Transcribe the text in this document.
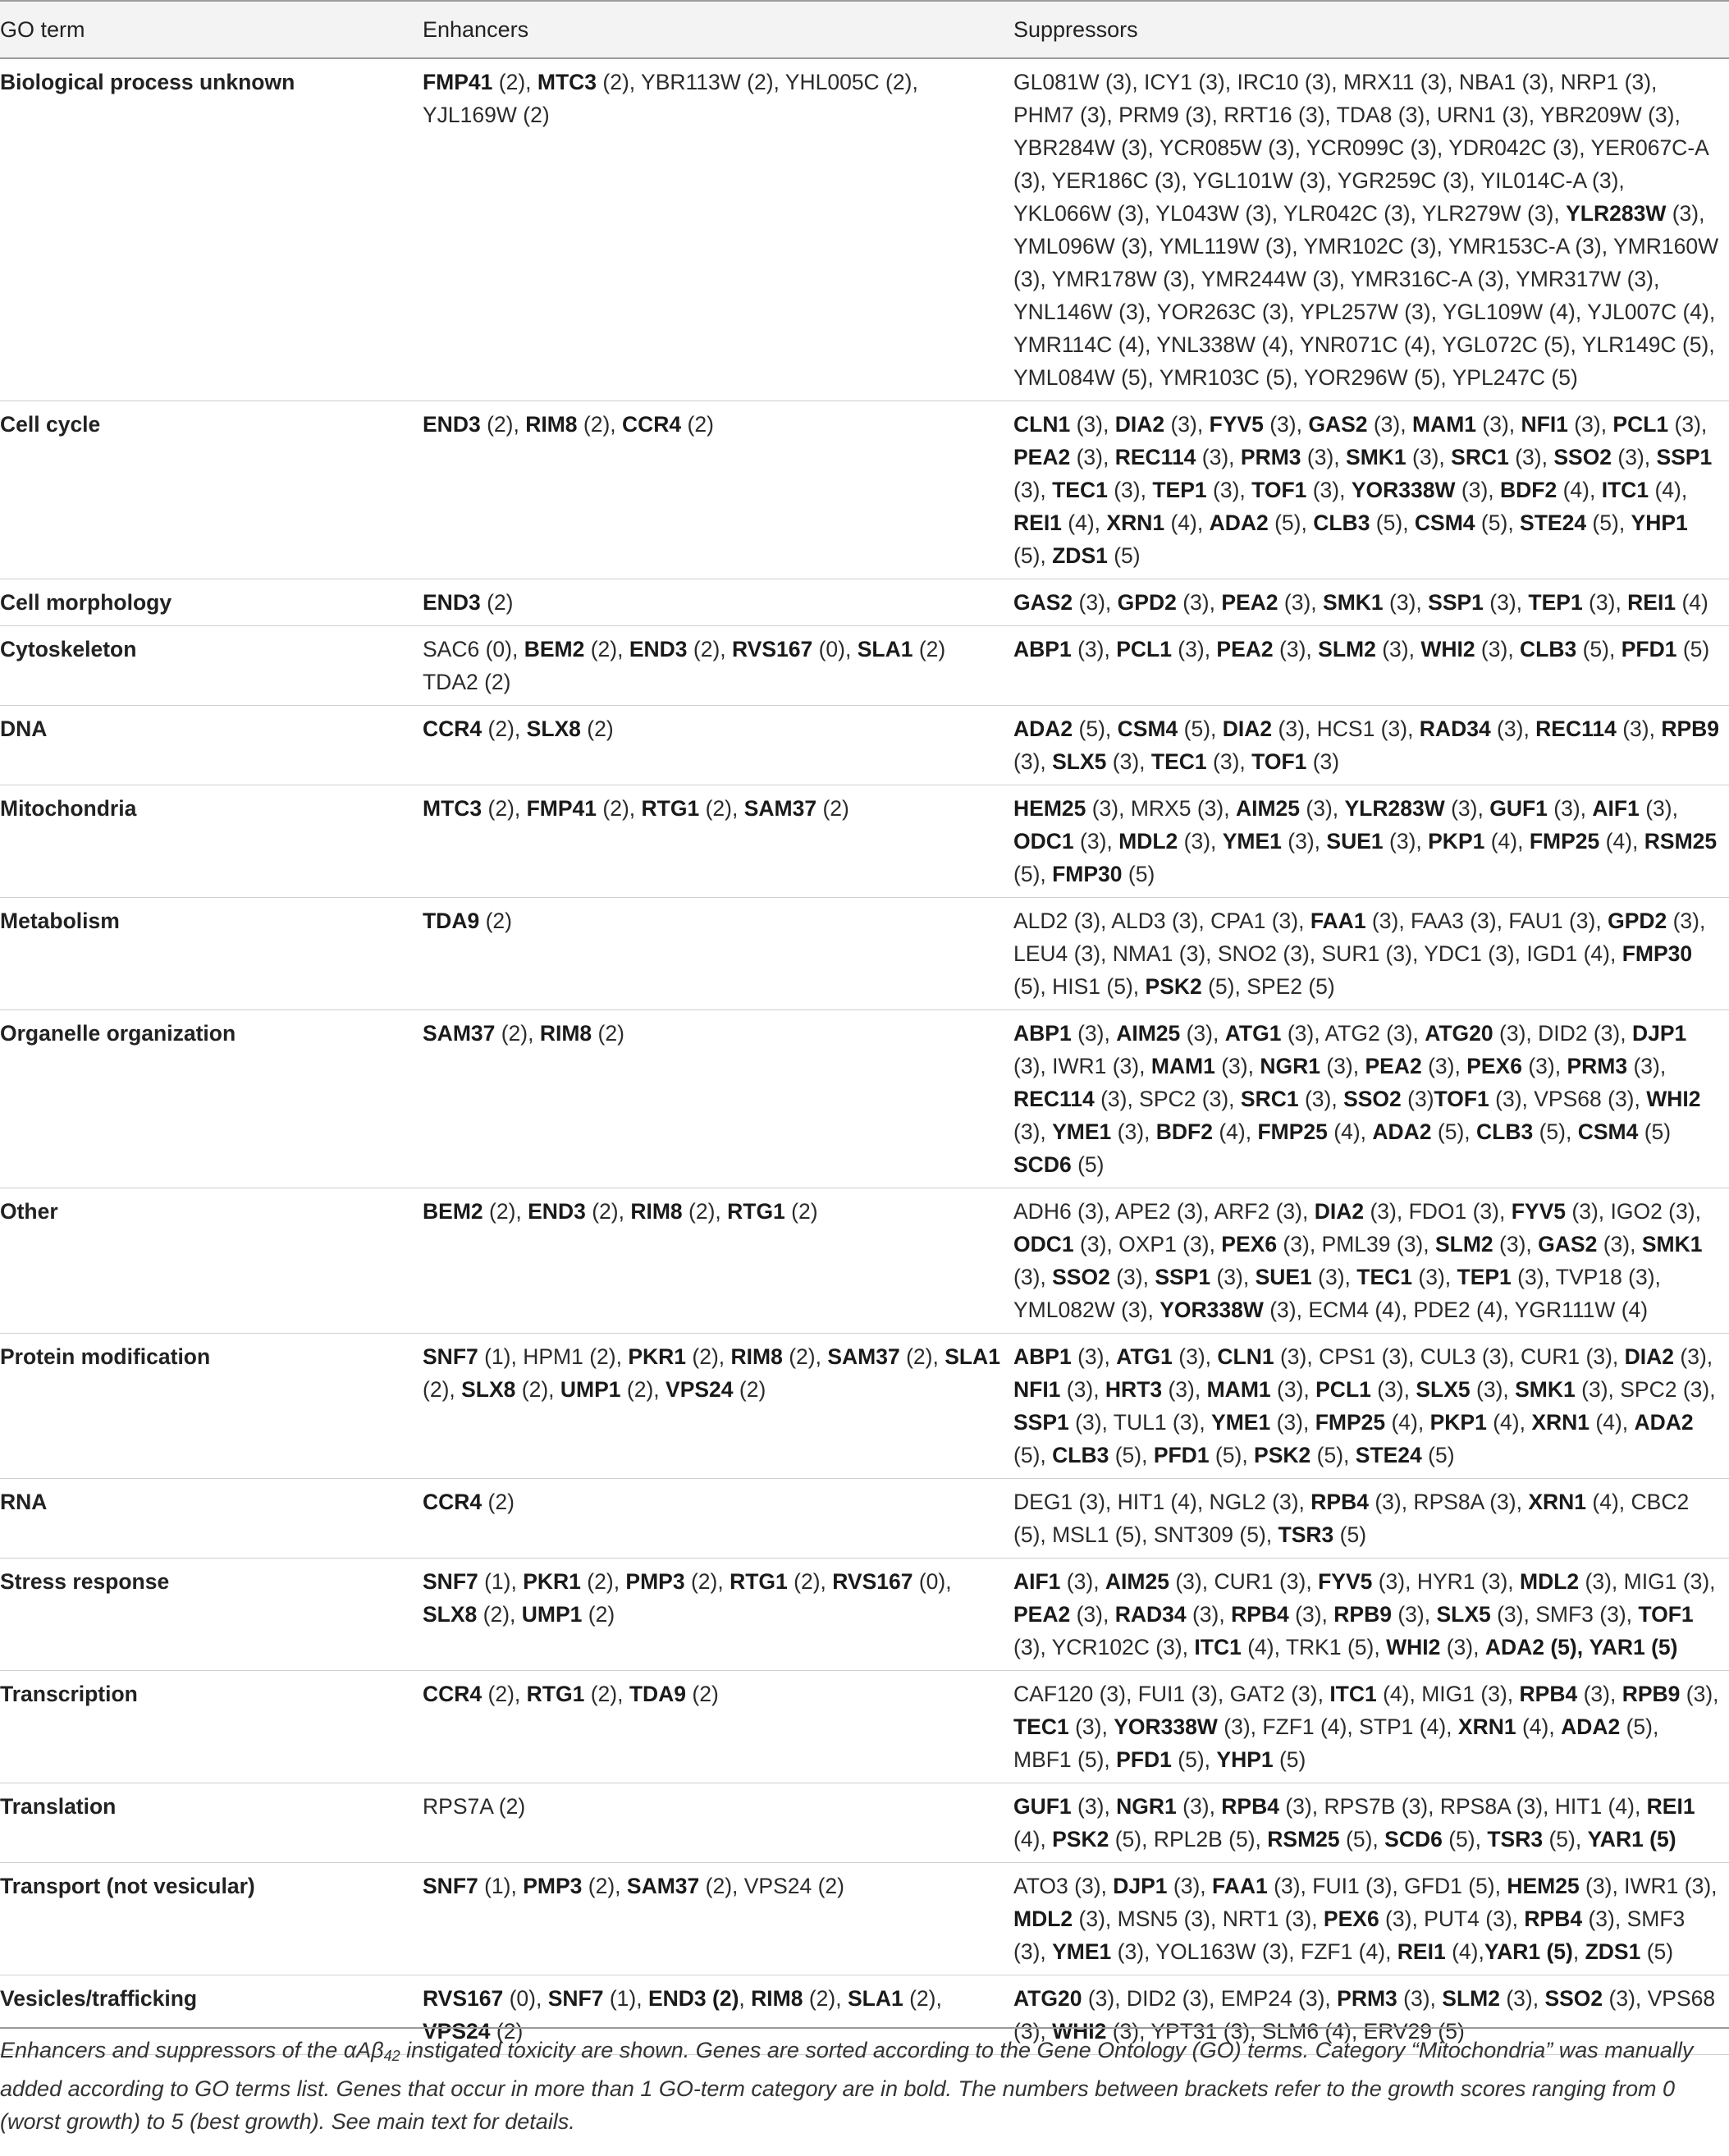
GO term	Enhancers	Suppressors
Biological process unknown	FMP41 (2), MTC3 (2), YBR113W (2), YHL005C (2), YJL169W (2)	GL081W (3), ICY1 (3), IRC10 (3), MRX11 (3), NBA1 (3), NRP1 (3), PHM7 (3), PRM9 (3), RRT16 (3), TDA8 (3), URN1 (3), YBR209W (3), YBR284W (3), YCR085W (3), YCR099C (3), YDR042C (3), YER067C-A (3), YER186C (3), YGL101W (3), YGR259C (3), YIL014C-A (3), YKL066W (3), YL043W (3), YLR042C (3), YLR279W (3), YLR283W (3), YML096W (3), YML119W (3), YMR102C (3), YMR153C-A (3), YMR160W (3), YMR178W (3), YMR244W (3), YMR316C-A (3), YMR317W (3), YNL146W (3), YOR263C (3), YPL257W (3), YGL109W (4), YJL007C (4), YMR114C (4), YNL338W (4), YNR071C (4), YGL072C (5), YLR149C (5), YML084W (5), YMR103C (5), YOR296W (5), YPL247C (5)
Cell cycle	END3 (2), RIM8 (2), CCR4 (2)	CLN1 (3), DIA2 (3), FYV5 (3), GAS2 (3), MAM1 (3), NFI1 (3), PCL1 (3), PEA2 (3), REC114 (3), PRM3 (3), SMK1 (3), SRC1 (3), SSO2 (3), SSP1 (3), TEC1 (3), TEP1 (3), TOF1 (3), YOR338W (3), BDF2 (4), ITC1 (4), REI1 (4), XRN1 (4), ADA2 (5), CLB3 (5), CSM4 (5), STE24 (5), YHP1 (5), ZDS1 (5)
Cell morphology	END3 (2)	GAS2 (3), GPD2 (3), PEA2 (3), SMK1 (3), SSP1 (3), TEP1 (3), REI1 (4)
Cytoskeleton	SAC6 (0), BEM2 (2), END3 (2), RVS167 (0), SLA1 (2) TDA2 (2)	ABP1 (3), PCL1 (3), PEA2 (3), SLM2 (3), WHI2 (3), CLB3 (5), PFD1 (5)
DNA	CCR4 (2), SLX8 (2)	ADA2 (5), CSM4 (5), DIA2 (3), HCS1 (3), RAD34 (3), REC114 (3), RPB9 (3), SLX5 (3), TEC1 (3), TOF1 (3)
Mitochondria	MTC3 (2), FMP41 (2), RTG1 (2), SAM37 (2)	HEM25 (3), MRX5 (3), AIM25 (3), YLR283W (3), GUF1 (3), AIF1 (3), ODC1 (3), MDL2 (3), YME1 (3), SUE1 (3), PKP1 (4), FMP25 (4), RSM25 (5), FMP30 (5)
Metabolism	TDA9 (2)	ALD2 (3), ALD3 (3), CPA1 (3), FAA1 (3), FAA3 (3), FAU1 (3), GPD2 (3), LEU4 (3), NMA1 (3), SNO2 (3), SUR1 (3), YDC1 (3), IGD1 (4), FMP30 (5), HIS1 (5), PSK2 (5), SPE2 (5)
Organelle organization	SAM37 (2), RIM8 (2)	ABP1 (3), AIM25 (3), ATG1 (3), ATG2 (3), ATG20 (3), DID2 (3), DJP1 (3), IWR1 (3), MAM1 (3), NGR1 (3), PEA2 (3), PEX6 (3), PRM3 (3), REC114 (3), SPC2 (3), SRC1 (3), SSO2 (3)TOF1 (3), VPS68 (3), WHI2 (3), YME1 (3), BDF2 (4), FMP25 (4), ADA2 (5), CLB3 (5), CSM4 (5) SCD6 (5)
Other	BEM2 (2), END3 (2), RIM8 (2), RTG1 (2)	ADH6 (3), APE2 (3), ARF2 (3), DIA2 (3), FDO1 (3), FYV5 (3), IGO2 (3), ODC1 (3), OXP1 (3), PEX6 (3), PML39 (3), SLM2 (3), GAS2 (3), SMK1 (3), SSO2 (3), SSP1 (3), SUE1 (3), TEC1 (3), TEP1 (3), TVP18 (3), YML082W (3), YOR338W (3), ECM4 (4), PDE2 (4), YGR111W (4)
Protein modification	SNF7 (1), HPM1 (2), PKR1 (2), RIM8 (2), SAM37 (2), SLA1 (2), SLX8 (2), UMP1 (2), VPS24 (2)	ABP1 (3), ATG1 (3), CLN1 (3), CPS1 (3), CUL3 (3), CUR1 (3), DIA2 (3), NFI1 (3), HRT3 (3), MAM1 (3), PCL1 (3), SLX5 (3), SMK1 (3), SPC2 (3), SSP1 (3), TUL1 (3), YME1 (3), FMP25 (4), PKP1 (4), XRN1 (4), ADA2 (5), CLB3 (5), PFD1 (5), PSK2 (5), STE24 (5)
RNA	CCR4 (2)	DEG1 (3), HIT1 (4), NGL2 (3), RPB4 (3), RPS8A (3), XRN1 (4), CBC2 (5), MSL1 (5), SNT309 (5), TSR3 (5)
Stress response	SNF7 (1), PKR1 (2), PMP3 (2), RTG1 (2), RVS167 (0), SLX8 (2), UMP1 (2)	AIF1 (3), AIM25 (3), CUR1 (3), FYV5 (3), HYR1 (3), MDL2 (3), MIG1 (3), PEA2 (3), RAD34 (3), RPB4 (3), RPB9 (3), SLX5 (3), SMF3 (3), TOF1 (3), YCR102C (3), ITC1 (4), TRK1 (5), WHI2 (3), ADA2 (5), YAR1 (5)
Transcription	CCR4 (2), RTG1 (2), TDA9 (2)	CAF120 (3), FUI1 (3), GAT2 (3), ITC1 (4), MIG1 (3), RPB4 (3), RPB9 (3), TEC1 (3), YOR338W (3), FZF1 (4), STP1 (4), XRN1 (4), ADA2 (5), MBF1 (5), PFD1 (5), YHP1 (5)
Translation	RPS7A (2)	GUF1 (3), NGR1 (3), RPB4 (3), RPS7B (3), RPS8A (3), HIT1 (4), REI1 (4), PSK2 (5), RPL2B (5), RSM25 (5), SCD6 (5), TSR3 (5), YAR1 (5)
Transport (not vesicular)	SNF7 (1), PMP3 (2), SAM37 (2), VPS24 (2)	ATO3 (3), DJP1 (3), FAA1 (3), FUI1 (3), GFD1 (5), HEM25 (3), IWR1 (3), MDL2 (3), MSN5 (3), NRT1 (3), PEX6 (3), PUT4 (3), RPB4 (3), SMF3 (3), YME1 (3), YOL163W (3), FZF1 (4), REI1 (4),YAR1 (5), ZDS1 (5)
Vesicles/trafficking	RVS167 (0), SNF7 (1), END3 (2), RIM8 (2), SLA1 (2), VPS24 (2)	ATG20 (3), DID2 (3), EMP24 (3), PRM3 (3), SLM2 (3), SSO2 (3), VPS68 (3), WHI2 (3), YPT31 (3), SLM6 (4), ERV29 (5)
Enhancers and suppressors of the αAβ$_{42}$ instigated toxicity are shown. Genes are sorted according to the Gene Ontology (GO) terms. Category “Mitochondria” was manually added according to GO terms list. Genes that occur in more than 1 GO-term category are in bold. The numbers between brackets refer to the growth scores ranging from 0 (worst growth) to 5 (best growth). See main text for details.
